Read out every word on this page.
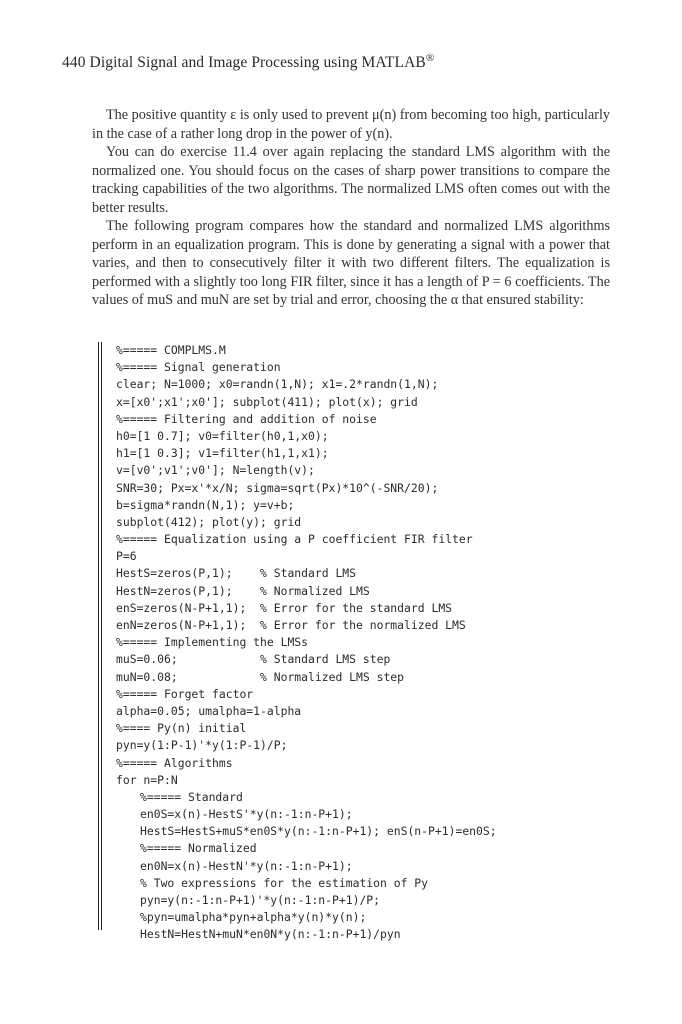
440 Digital Signal and Image Processing using MATLAB®

The positive quantity ε is only used to prevent μ(n) from becoming too high, particularly in the case of a rather long drop in the power of y(n).

You can do exercise 11.4 over again replacing the standard LMS algorithm with the normalized one. You should focus on the cases of sharp power transitions to compare the tracking capabilities of the two algorithms. The normalized LMS often comes out with the better results.

The following program compares how the standard and normalized LMS algorithms perform in an equalization program. This is done by generating a signal with a power that varies, and then to consecutively filter it with two different filters. The equalization is performed with a slightly too long FIR filter, since it has a length of P = 6 coefficients. The values of muS and muN are set by trial and error, choosing the α that ensured stability:

%===== COMPLMS.M
%===== Signal generation
clear; N=1000; x0=randn(1,N); x1=.2*randn(1,N);
x=[x0';x1';x0']; subplot(411); plot(x); grid
%===== Filtering and addition of noise
h0=[1 0.7]; v0=filter(h0,1,x0);
h1=[1 0.3]; v1=filter(h1,1,x1);
v=[v0';v1';v0']; N=length(v);
SNR=30; Px=x'*x/N; sigma=sqrt(Px)*10^(-SNR/20);
b=sigma*randn(N,1); y=v+b;
subplot(412); plot(y); grid
%===== Equalization using a P coefficient FIR filter
P=6
HestS=zeros(P,1);    % Standard LMS
HestN=zeros(P,1);    % Normalized LMS
enS=zeros(N-P+1,1);  % Error for the standard LMS
enN=zeros(N-P+1,1);  % Error for the normalized LMS
%===== Implementing the LMSs
muS=0.06;            % Standard LMS step
muN=0.08;            % Normalized LMS step
%===== Forget factor
alpha=0.05; umalpha=1-alpha
%==== Py(n) initial
pyn=y(1:P-1)'*y(1:P-1)/P;
%===== Algorithms
for n=P:N
%===== Standard
en0S=x(n)-HestS'*y(n:-1:n-P+1);
HestS=HestS+muS*en0S*y(n:-1:n-P+1); enS(n-P+1)=en0S;
%===== Normalized
en0N=x(n)-HestN'*y(n:-1:n-P+1);
% Two expressions for the estimation of Py
pyn=y(n:-1:n-P+1)'*y(n:-1:n-P+1)/P;
%pyn=umalpha*pyn+alpha*y(n)*y(n);
HestN=HestN+muN*en0N*y(n:-1:n-P+1)/pyn
